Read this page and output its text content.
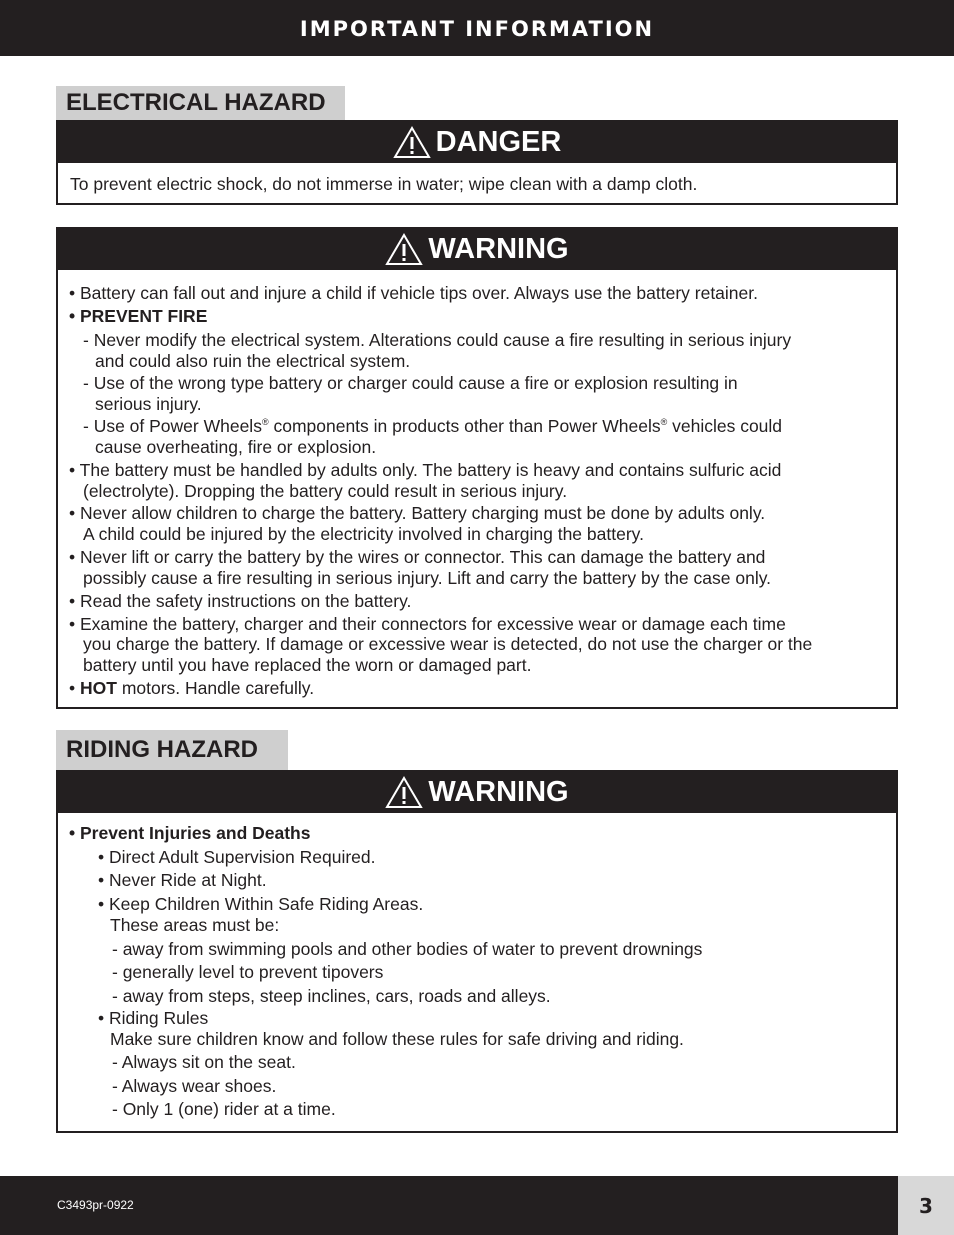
IMPORTANT INFORMATION
ELECTRICAL HAZARD
DANGER
To prevent electric shock, do not immerse in water; wipe clean with a damp cloth.
WARNING
• Battery can fall out and injure a child if vehicle tips over. Always use the battery retainer.
• PREVENT FIRE
- Never modify the electrical system. Alterations could cause a fire resulting in serious injury
and could also ruin the electrical system.
- Use of the wrong type battery or charger could cause a fire or explosion resulting in
serious injury.
- Use of Power Wheels® components in products other than Power Wheels® vehicles could
cause overheating, fire or explosion.
• The battery must be handled by adults only. The battery is heavy and contains sulfuric acid
(electrolyte). Dropping the battery could result in serious injury.
• Never allow children to charge the battery. Battery charging must be done by adults only.
A child could be injured by the electricity involved in charging the battery.
• Never lift or carry the battery by the wires or connector. This can damage the battery and
possibly cause a fire resulting in serious injury. Lift and carry the battery by the case only.
• Read the safety instructions on the battery.
• Examine the battery, charger and their connectors for excessive wear or damage each time
you charge the battery. If damage or excessive wear is detected, do not use the charger or the
battery until you have replaced the worn or damaged part.
• HOT motors. Handle carefully.
RIDING HAZARD
WARNING
• Prevent Injuries and Deaths
• Direct Adult Supervision Required.
• Never Ride at Night.
• Keep Children Within Safe Riding Areas.
These areas must be:
- away from swimming pools and other bodies of water to prevent drownings
- generally level to prevent tipovers
- away from steps, steep inclines, cars, roads and alleys.
• Riding Rules
Make sure children know and follow these rules for safe driving and riding.
- Always sit on the seat.
- Always wear shoes.
- Only 1 (one) rider at a time.
C3493pr-0922	3
